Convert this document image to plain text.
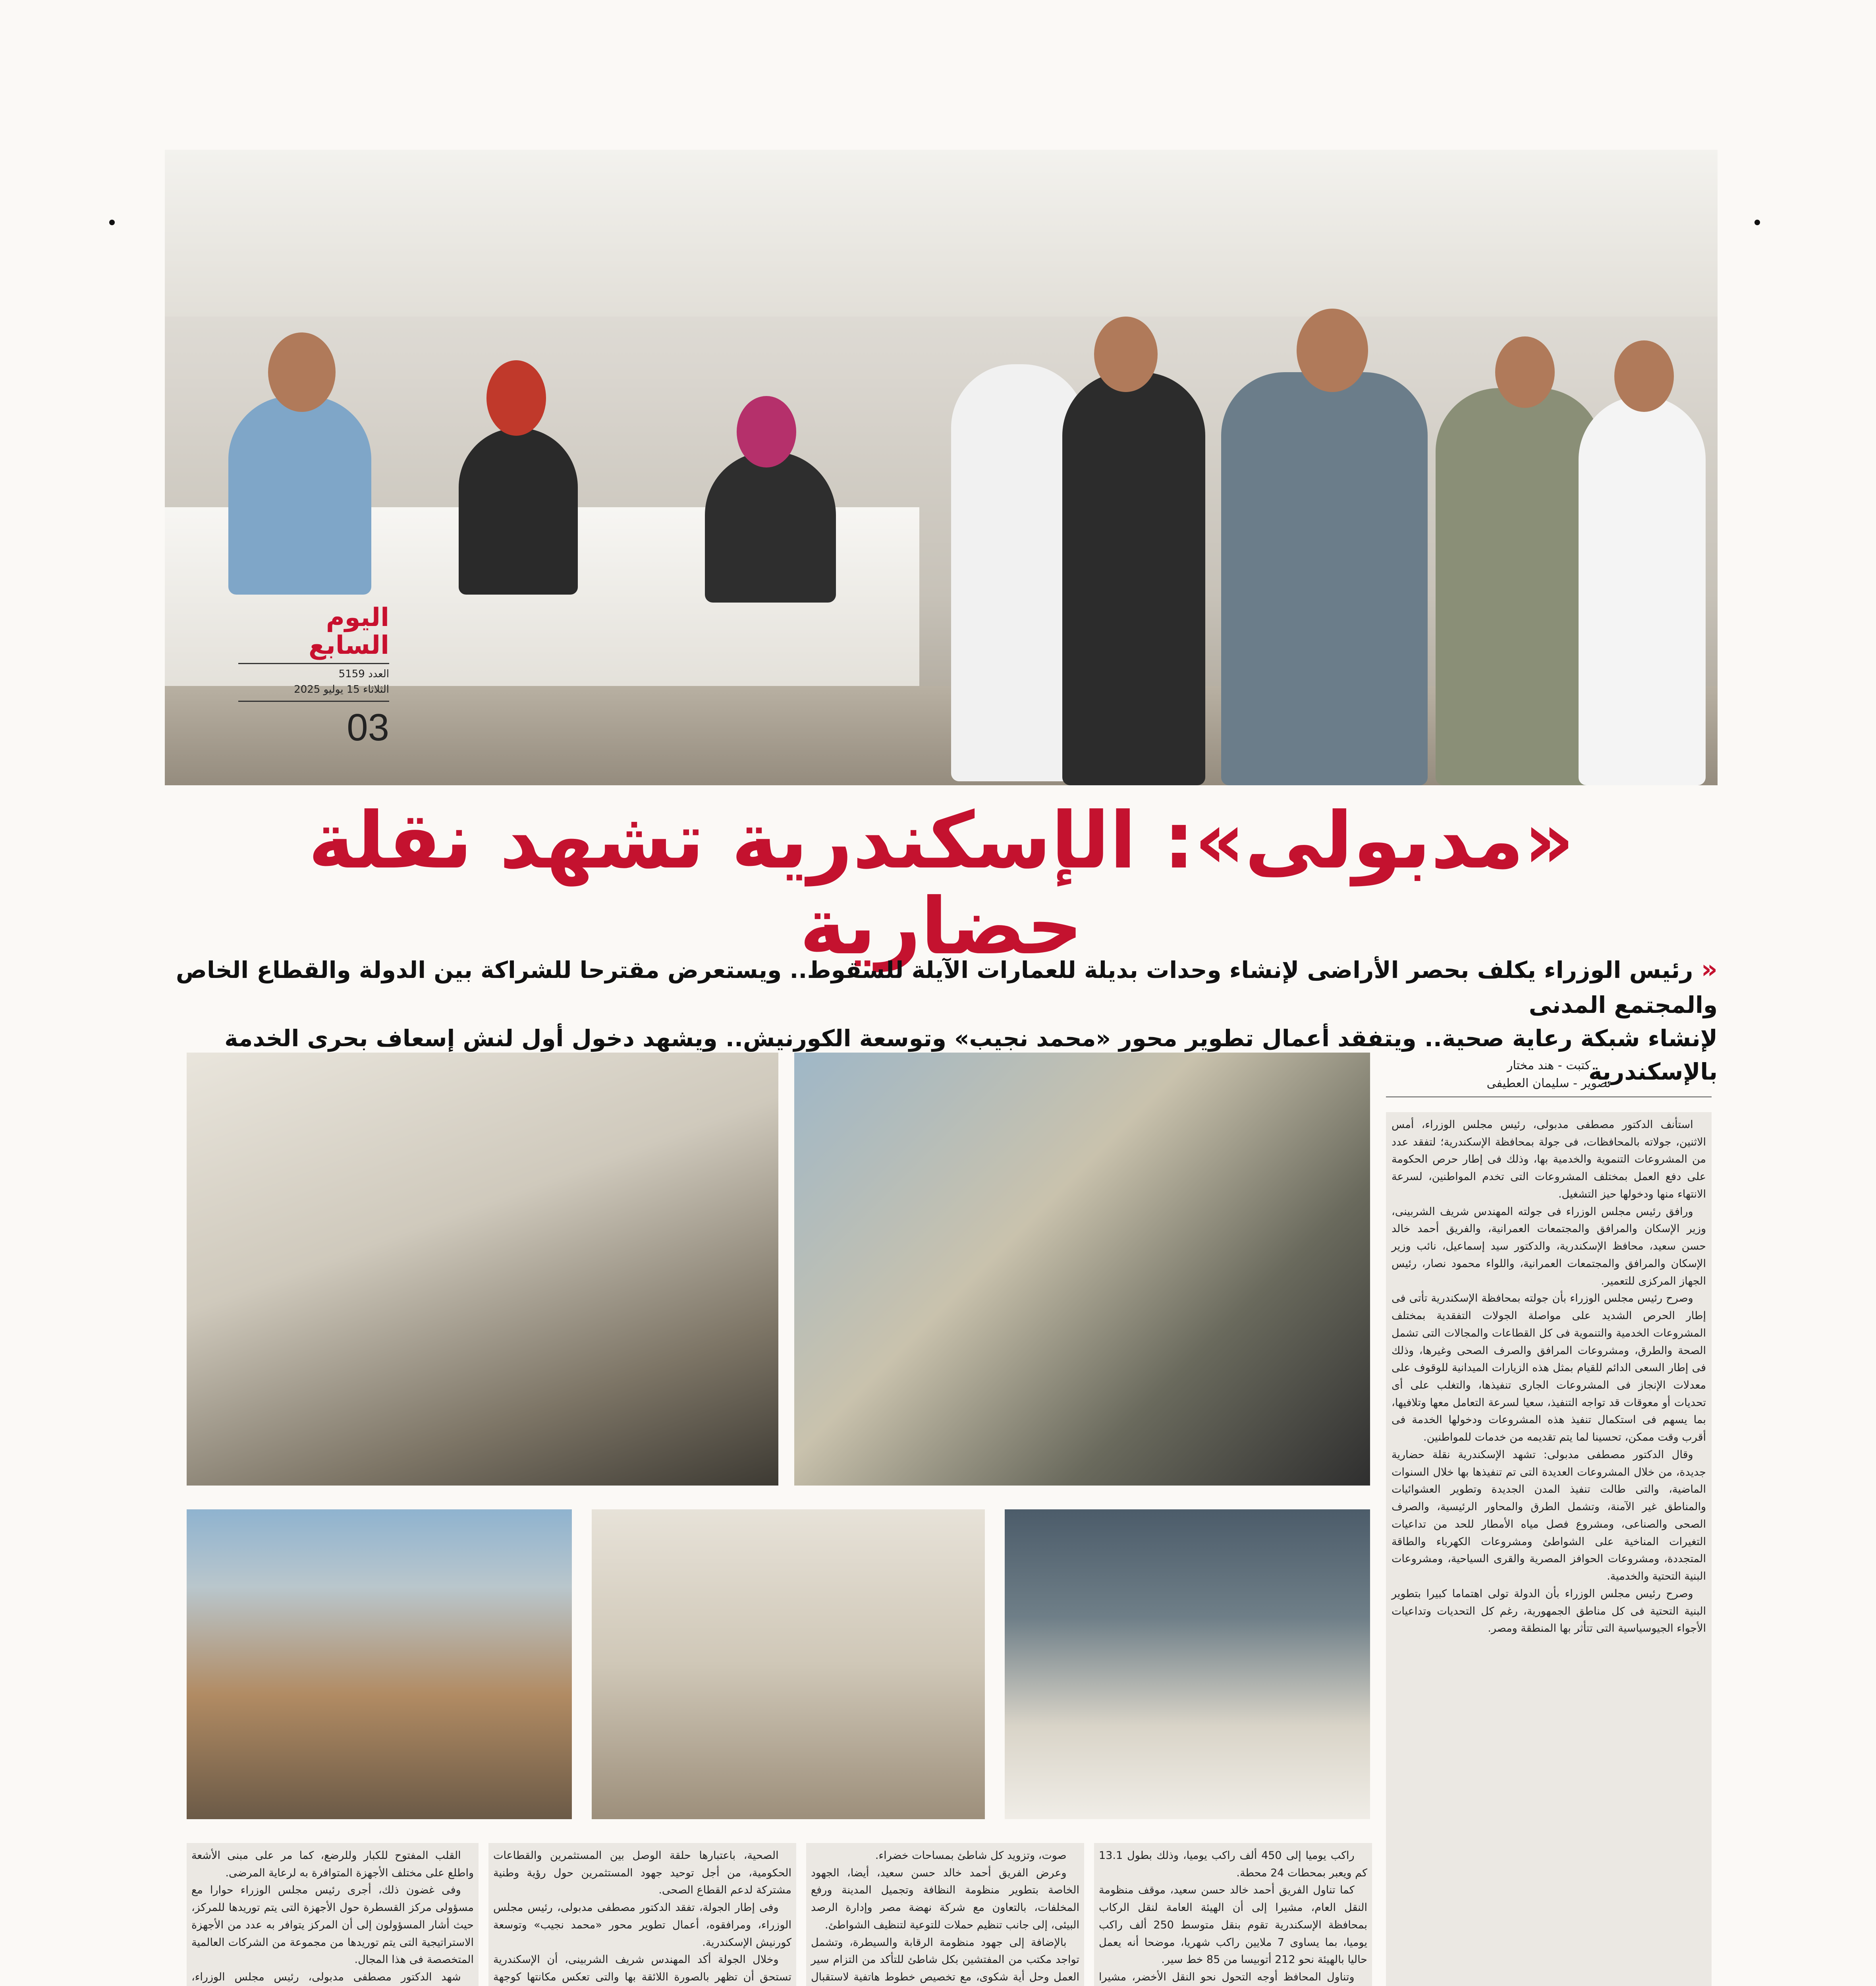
اليوم السابع
العدد 5159
الثلاثاء 15 يوليو 2025
03
«مدبولى»: الإسكندرية تشهد نقلة حضارية	« رئيس الوزراء يكلف بحصر الأراضى لإنشاء وحدات بديلة للعمارات الآيلة للسقوط.. ويستعرض مقترحا للشراكة بين الدولة والقطاع الخاص والمجتمع المدنى
لإنشاء شبكة رعاية صحية.. ويتفقد أعمال تطوير محور «محمد نجيب» وتوسعة الكورنيش.. ويشهد دخول أول لنش إسعاف بحرى الخدمة بالإسكندرية
كتبت - هند مختار
تصوير - سليمان العطيفى

استأنف الدكتور مصطفى مدبولى، رئيس مجلس الوزراء، أمس الاثنين، جولاته بالمحافظات، فى جولة بمحافظة الإسكندرية؛ لتفقد عدد من المشروعات التنموية والخدمية بها، وذلك فى إطار حرص الحكومة على دفع العمل بمختلف المشروعات التى تخدم المواطنين، لسرعة الانتهاء منها ودخولها حيز التشغيل.

ورافق رئيس مجلس الوزراء فى جولته المهندس شريف الشربينى، وزير الإسكان والمرافق والمجتمعات العمرانية، والفريق أحمد خالد حسن سعيد، محافظ الإسكندرية، والدكتور سيد إسماعيل، نائب وزير الإسكان والمرافق والمجتمعات العمرانية، واللواء محمود نصار، رئيس الجهاز المركزى للتعمير.

وصرح رئيس مجلس الوزراء بأن جولته بمحافظة الإسكندرية تأتى فى إطار الحرص الشديد على مواصلة الجولات التفقدية بمختلف المشروعات الخدمية والتنموية فى كل القطاعات والمجالات التى تشمل الصحة والطرق، ومشروعات المرافق والصرف الصحى وغيرها، وذلك فى إطار السعى الدائم للقيام بمثل هذه الزيارات الميدانية للوقوف على معدلات الإنجاز فى المشروعات الجارى تنفيذها، والتغلب على أى تحديات أو معوقات قد تواجه التنفيذ، سعيا لسرعة التعامل معها وتلافيها، بما يسهم فى استكمال تنفيذ هذه المشروعات ودخولها الخدمة فى أقرب وقت ممكن، تحسينا لما يتم تقديمه من خدمات للمواطنين.

وقال الدكتور مصطفى مدبولى: تشهد الإسكندرية نقلة حضارية جديدة، من خلال المشروعات العديدة التى تم تنفيذها بها خلال السنوات الماضية، والتى طالت تنفيذ المدن الجديدة وتطوير العشوائيات والمناطق غير الآمنة، وتشمل الطرق والمحاور الرئيسية، والصرف الصحى والصناعى، ومشروع فصل مياه الأمطار للحد من تداعيات التغيرات المناخية على الشواطئ ومشروعات الكهرباء والطاقة المتجددة، ومشروعات الحوافز المصرية والقرى السياحية، ومشروعات البنية التحتية والخدمية.

وصرح رئيس مجلس الوزراء بأن الدولة تولى اهتماما كبيرا بتطوير البنية التحتية فى كل مناطق الجمهورية، رغم كل التحديات وتداعيات الأجواء الجيوسياسية التى تتأثر بها المنطقة ومصر.

راكب يوميا إلى 450 ألف راكب يوميا، وذلك بطول 13.1 كم ويعبر بمحطات 24 محطة.

كما تناول الفريق أحمد خالد حسن سعيد، موقف منظومة النقل العام، مشيرا إلى أن الهيئة العامة لنقل الركاب بمحافظة الإسكندرية تقوم بنقل متوسط 250 ألف راكب يوميا، بما يساوى 7 ملايين راكب شهريا، موضحا أنه يعمل حاليا بالهيئة نحو 212 أتوبيسا من 85 خط سير.

وتناول المحافظ أوجه التحول نحو النقل الأخضر، مشيرا

صوت، وتزويد كل شاطئ بمساحات خضراء.

وعرض الفريق أحمد خالد حسن سعيد، أيضا، الجهود الخاصة بتطوير منظومة النظافة وتجميل المدينة ورفع المخلفات، بالتعاون مع شركة نهضة مصر وإدارة الرصد البيئى، إلى جانب تنظيم حملات للتوعية لتنظيف الشواطئ.

بالإضافة إلى جهود منظومة الرقابة والسيطرة، وتشمل تواجد مكتب من المفتشين بكل شاطئ للتأكد من التزام سير العمل وحل أية شكوى، مع تخصيص خطوط هاتفية لاستقبال

الصحية، باعتبارها حلقة الوصل بين المستثمرين والقطاعات الحكومية، من أجل توحيد جهود المستثمرين حول رؤية وطنية مشتركة لدعم القطاع الصحى.

وفى إطار الجولة، تفقد الدكتور مصطفى مدبولى، رئيس مجلس الوزراء، ومرافقوه، أعمال تطوير محور «محمد نجيب» وتوسعة كورنيش الإسكندرية.

وخلال الجولة أكد المهندس شريف الشربينى، أن الإسكندرية تستحق أن تظهر بالصورة اللائقة بها والتى تعكس مكانتها كوجهة

القلب المفتوح للكبار وللرضع، كما مر على مبنى الأشعة واطلع على مختلف الأجهزة المتوافرة به لرعاية المرضى.

وفى غضون ذلك، أجرى رئيس مجلس الوزراء حوارا مع مسؤولى مركز القسطرة حول الأجهزة التى يتم توريدها للمركز، حيث أشار المسؤولون إلى أن المركز يتوافر به عدد من الأجهزة الاستراتيجية التى يتم توريدها من مجموعة من الشركات العالمية المتخصصة فى هذا المجال.

شهد الدكتور مصطفى مدبولى، رئيس مجلس الوزراء،
